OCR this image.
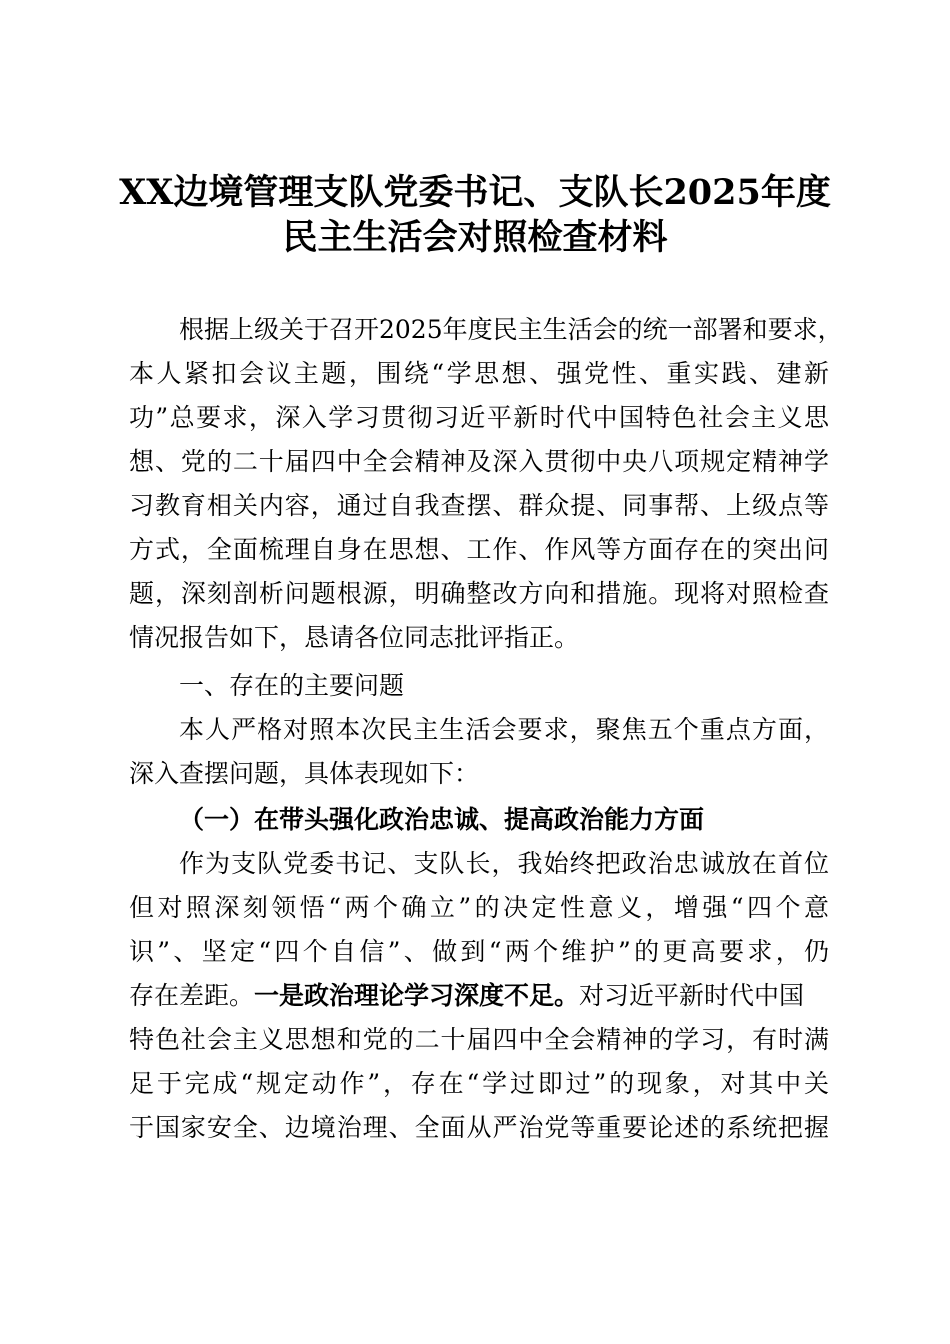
XX边境管理支队党委书记、支队长2025年度
民主生活会对照检查材料
根据上级关于召开2025年度民主生活会的统一部署和要求，
本人紧扣会议主题，围绕“学思想、强党性、重实践、建新
功”总要求，深入学习贯彻习近平新时代中国特色社会主义思
想、党的二十届四中全会精神及深入贯彻中央八项规定精神学
习教育相关内容，通过自我查摆、群众提、同事帮、上级点等
方式，全面梳理自身在思想、工作、作风等方面存在的突出问
题，深刻剖析问题根源，明确整改方向和措施。现将对照检查
情况报告如下，恳请各位同志批评指正。
一、存在的主要问题
本人严格对照本次民主生活会要求，聚焦五个重点方面，
深入查摆问题，具体表现如下：
（一）在带头强化政治忠诚、提高政治能力方面
作为支队党委书记、支队长，我始终把政治忠诚放在首位
但对照深刻领悟“两个确立”的决定性意义，增强“四个意
识”、坚定“四个自信”、做到“两个维护”的更高要求，仍
存在差距。一是政治理论学习深度不足。对习近平新时代中国
特色社会主义思想和党的二十届四中全会精神的学习，有时满
足于完成“规定动作”，存在“学过即过”的现象，对其中关
于国家安全、边境治理、全面从严治党等重要论述的系统把握
